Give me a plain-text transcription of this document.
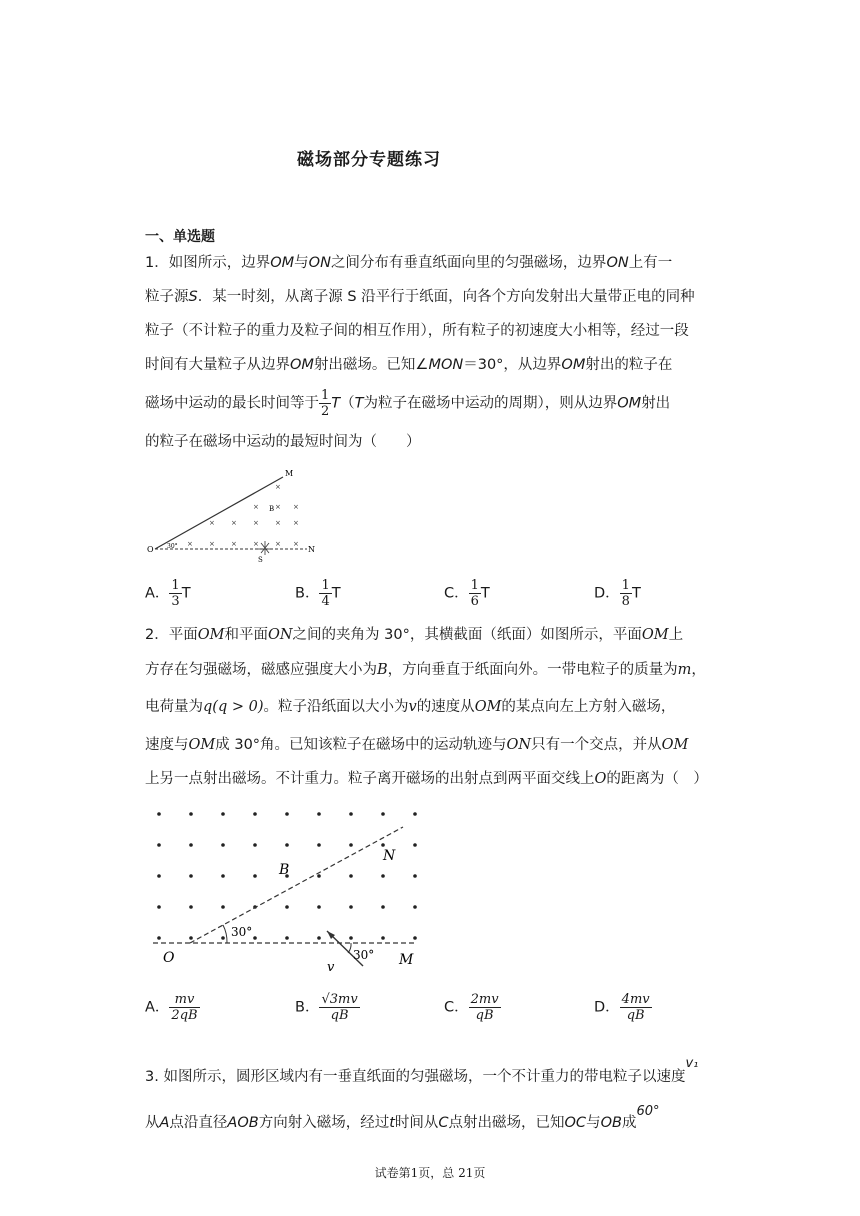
磁场部分专题练习
一、单选题
1．如图所示，边界OM与ON之间分布有垂直纸面向里的匀强磁场，边界ON上有一
粒子源S．某一时刻，从离子源 S 沿平行于纸面，向各个方向发射出大量带正电的同种
粒子（不计粒子的重力及粒子间的相互作用），所有粒子的初速度大小相等，经过一段
时间有大量粒子从边界OM射出磁场。已知∠MON＝30°，从边界OM射出的粒子在
磁场中运动的最长时间等于 $\frac{1}{2} T(T$为粒子在磁场中运动的周期），则从边界OM射出
的粒子在磁场中运动的最短时间为（　　）
×
× × ×
× × × × ×
× × × × × ×
M
N
O
S
B
30°
A． $\frac{1}{3}$ T	B． $\frac{1}{4}$ T	C． $\frac{1}{6}$ T	D． $\frac{1}{8}$ T
2．平面OM和平面ON之间的夹角为 30°，其横截面（纸面）如图所示，平面OM上
方存在匀强磁场，磁感应强度大小为B，方向垂直于纸面向外。一带电粒子的质量为m，
电荷量为q(q > 0)。粒子沿纸面以大小为v的速度从OM的某点向左上方射入磁场，
速度与OM成 30°角。已知该粒子在磁场中的运动轨迹与ON只有一个交点，并从OM
上另一点射出磁场。不计重力。粒子离开磁场的出射点到两平面交线上O的距离为（　）
O	M
N
B
v
30°
30°
A． $\frac{mv}{2qB}$	B． $\frac{√3mv}{qB}$	C． $\frac{2mv}{qB}$	D． $\frac{4mv}{qB}$
3. 如图所示，圆形区域内有一垂直纸面的匀强磁场，一个不计重力的带电粒子以速度v₁
从A点沿直径AOB方向射入磁场，经过t时间从C点射出磁场，已知OC与OB成60°
试卷第1页，总 21页
